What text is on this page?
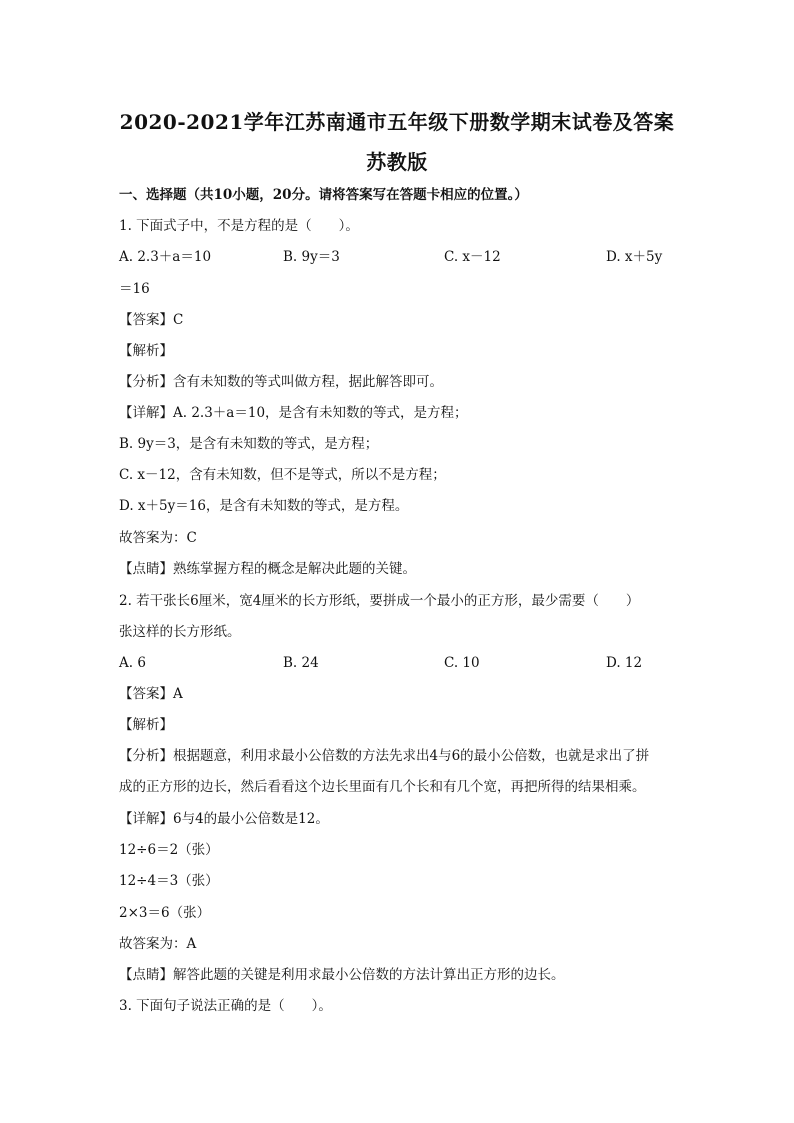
2020-2021学年江苏南通市五年级下册数学期末试卷及答案
苏教版
一、选择题（共10小题，20分。请将答案写在答题卡相应的位置。）
1. 下面式子中，不是方程的是（　　）。
A. 2.3＋a＝10	B. 9y＝3	C. x－12	D. x＋5y
＝16
【答案】C
【解析】
【分析】含有未知数的等式叫做方程，据此解答即可。
【详解】A. 2.3＋a＝10，是含有未知数的等式，是方程；
B. 9y＝3，是含有未知数的等式，是方程；
C. x－12，含有未知数，但不是等式，所以不是方程；
D. x＋5y＝16，是含有未知数的等式，是方程。
故答案为：C
【点睛】熟练掌握方程的概念是解决此题的关键。
2. 若干张长6厘米，宽4厘米的长方形纸，要拼成一个最小的正方形，最少需要（　　）
张这样的长方形纸。
A. 6	B. 24	C. 10	D. 12
【答案】A
【解析】
【分析】根据题意，利用求最小公倍数的方法先求出4与6的最小公倍数，也就是求出了拼
成的正方形的边长，然后看看这个边长里面有几个长和有几个宽，再把所得的结果相乘。
【详解】6与4的最小公倍数是12。
12÷6＝2（张）
12÷4＝3（张）
2×3＝6（张）
故答案为：A
【点睛】解答此题的关键是利用求最小公倍数的方法计算出正方形的边长。
3. 下面句子说法正确的是（　　）。
